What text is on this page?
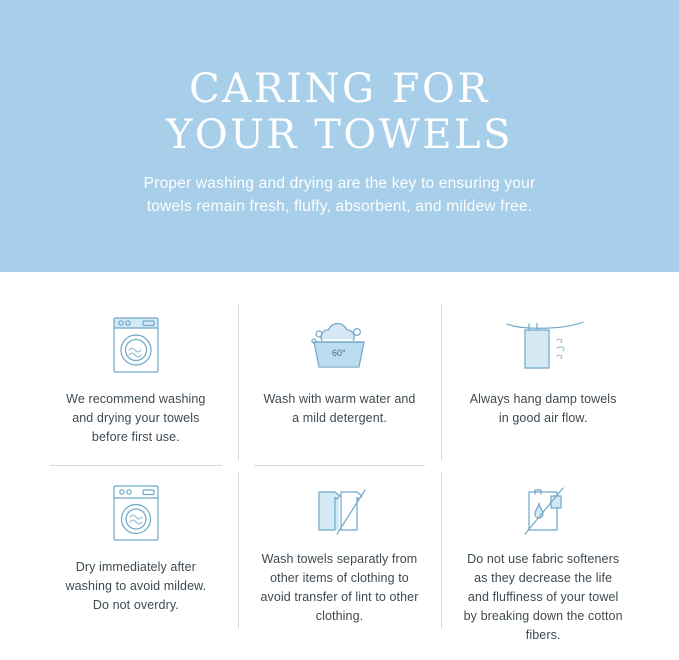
CARING FOR
YOUR TOWELS

Proper washing and drying are the key to ensuring your towels remain fresh, fluffy, absorbent, and mildew free.

We recommend washing and drying your towels before first use.
60°
Wash with warm water and a mild detergent.
Always hang damp towels in good air flow.
Dry immediately after washing to avoid mildew. Do not overdry.
Wash towels separatly from other items of clothing to avoid transfer of lint to other clothing.
Do not use fabric softeners as they decrease the life and fluffiness of your towel by breaking down the cotton fibers.
